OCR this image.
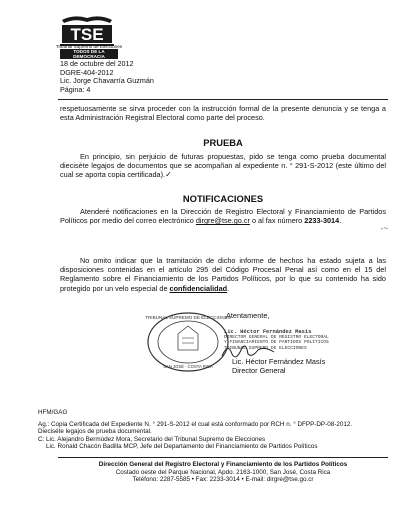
TSE
Tribunal Supremo de Elecciones
TODOS DE LA DEMOCRACIA
18 de octubre del 2012
DGRE-404-2012
Lic. Jorge Chavarría Guzmán
Página: 4
respetuosamente se sirva proceder con la instrucción formal de la presente denuncia y se tenga a esta Administración Registral Electoral como parte del proceso.
PRUEBA
En principio, sin perjuicio de futuras propuestas, pido se tenga como prueba documental dieciséte legajos de documentos que se acompañan al expediente n. ° 291-S-2012 (este último del cual se aporta copia certificada).✓
NOTIFICACIONES
Atenderé notificaciones en la Dirección de Registro Electoral y Financiamiento de Partidos Políticos por medio del correo electrónico dirgre@tse.go.cr o al fax número 2233-3014.
-~
No omito indicar que la tramitación de dicho informe de hechos ha estado sujeta a las disposiciones contenidas en el artículo 295 del Código Procesal Penal así como en el 15 del Reglamento sobre el Financiamiento de los Partidos Políticos, por lo que su contenido ha sido protegido por un velo especial de confidencialidad.
Atentamente,
TRIBUNAL SUPREMO DE ELECCIONES
SAN JOSÉ · COSTA RICA
Lic. Héctor Fernández Masís
DIRECTOR GENERAL DE REGISTRO ELECTORAL
Y FINANCIAMIENTO DE PARTIDOS POLÍTICOS
TRIBUNAL SUPREMO DE ELECCIONES
Lic. Héctor Fernández Masís
Director General
HFM/GAG
Ag.: Copia Certificada del Expediente N. ° 291-S-2012 el cual está conformado por RCH n. ° DFPP-DP-08-2012. Dieciséte legajos de prueba documental.
C: Lic. Alejandro Bermúdez Mora, Secretario del Tribunal Supremo de Elecciones
Lic. Ronald Chacón Badilla MCP, Jefe del Departamento del Financiamiento de Partidos Políticos
Dirección General del Registro Electoral y Financiamiento de los Partidos Políticos
Costado oeste del Parque Nacional, Apdo. 2163-1000, San José, Costa Rica
Teléfono: 2287-5585 • Fax: 2233-3014 • E-mail: dirgre@tse.go.cr
